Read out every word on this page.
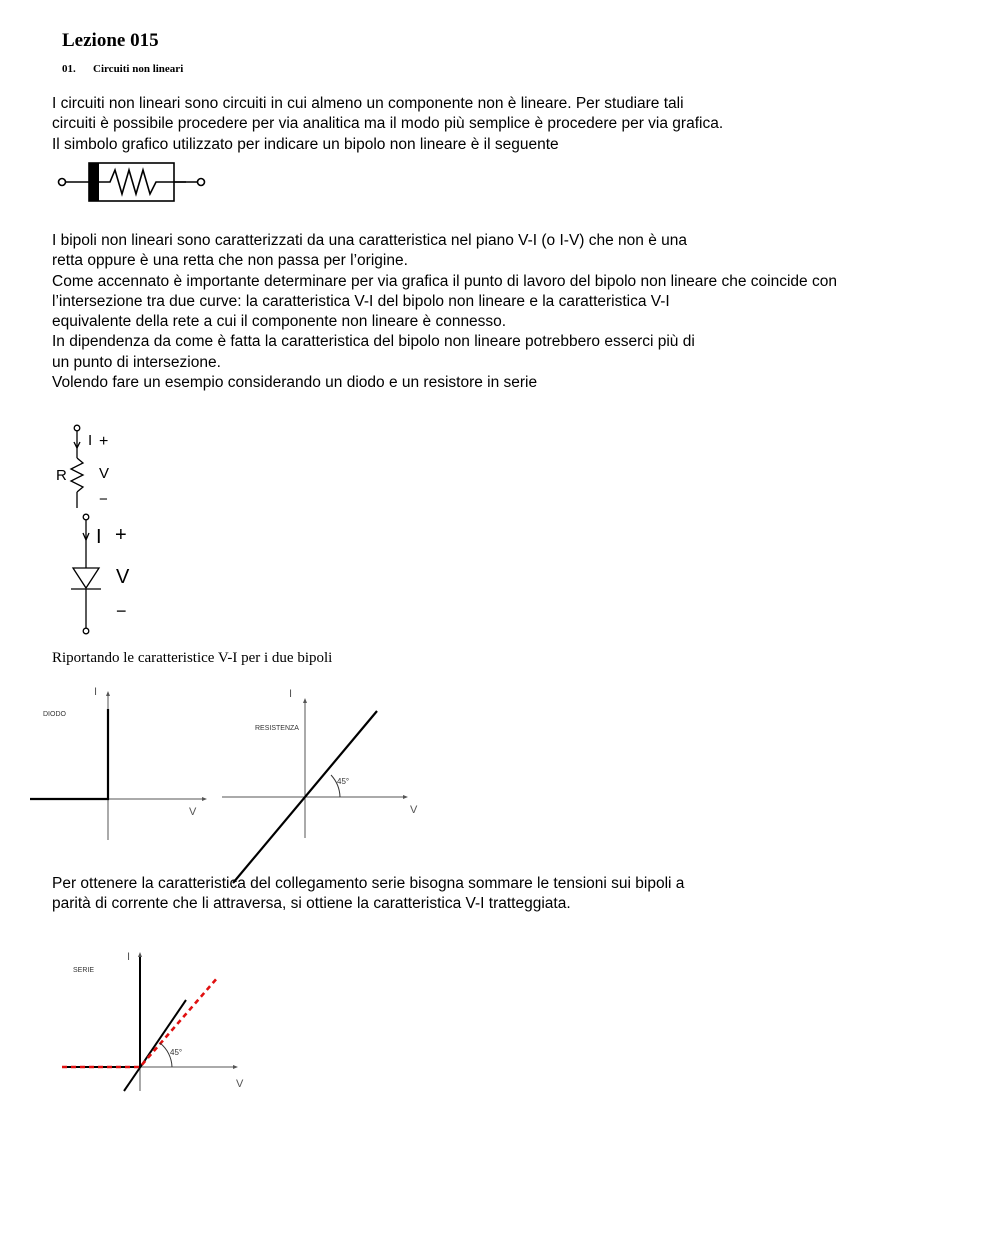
Lezione 015
01. Circuiti non lineari
I circuiti non lineari sono circuiti in cui almeno un componente non è lineare. Per studiare tali
circuiti è possibile procedere per via analitica ma il modo più semplice è procedere per via grafica.
Il simbolo grafico utilizzato per indicare un bipolo non lineare è il seguente
I bipoli non lineari sono caratterizzati da una caratteristica nel piano V-I (o I-V) che non è una
retta oppure è una retta che non passa per l’origine.
Come accennato è importante determinare per via grafica il punto di lavoro del bipolo non lineare che coincide con
l’intersezione tra due curve: la caratteristica V-I del bipolo non lineare e la caratteristica V-I
equivalente della rete a cui il componente non lineare è connesso.
In dipendenza da come è fatta la caratteristica del bipolo non lineare potrebbero esserci più di
un punto di intersezione.
Volendo fare un esempio considerando un diodo e un resistore in serie
R
I +
V
−
I +
V
−
Riportando le caratteristice V-I per i due bipoli
I
V
DIODO
45°
I
V
RESISTENZA
Per ottenere la caratteristica del collegamento serie bisogna sommare le tensioni sui bipoli a
parità di corrente che li attraversa, si ottiene la caratteristica V-I tratteggiata.
45°
I
V
SERIE
